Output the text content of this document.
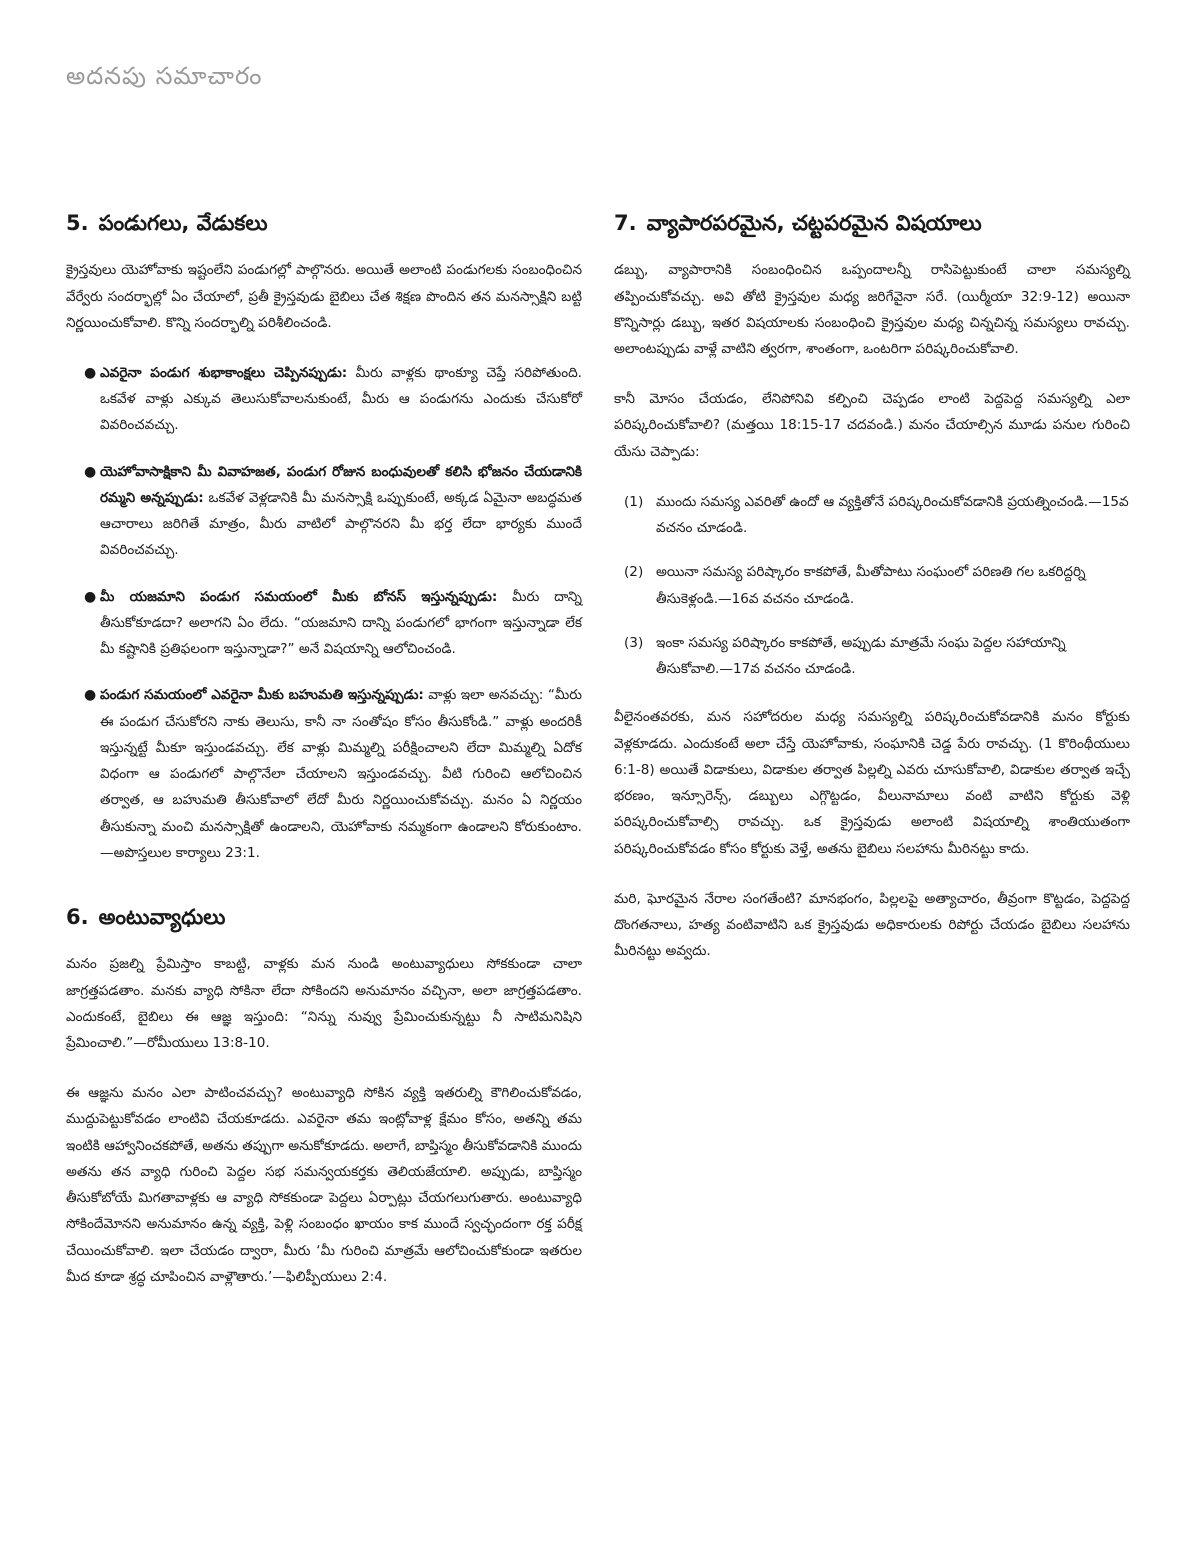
అదనపు సమాచారం
5. పండుగలు, వేడుకలు

క్రైస్తవులు యెహోవాకు ఇష్టంలేని పండుగల్లో పాల్గొనరు. అయితే అలాంటి పండుగలకు సంబంధించిన వేర్వేరు సందర్భాల్లో ఏం చేయాలో, ప్రతీ క్రైస్తవుడు బైబిలు చేత శిక్షణ పొందిన తన మనస్సాక్షిని బట్టి నిర్ణయించుకోవాలి. కొన్ని సందర్భాల్ని పరిశీలించండి.

● ఎవరైనా పండుగ శుభాకాంక్షలు చెప్పినప్పుడు: మీరు వాళ్లకు థాంక్యూ చెప్తే సరిపోతుంది. ఒకవేళ వాళ్లు ఎక్కువ తెలుసుకోవాలనుకుంటే, మీరు ఆ పండుగను ఎందుకు చేసుకోరో వివరించవచ్చు.
● యెహోవాసాక్షికాని మీ వివాహజత, పండుగ రోజున బంధువులతో కలిసి భోజనం చేయడానికి రమ్మని అన్నప్పుడు: ఒకవేళ వెళ్లడానికి మీ మనస్సాక్షి ఒప్పుకుంటే, అక్కడ ఏమైనా అబద్ధమత ఆచారాలు జరిగితే మాత్రం, మీరు వాటిలో పాల్గొనరని మీ భర్త లేదా భార్యకు ముందే వివరించవచ్చు.
● మీ యజమాని పండుగ సమయంలో మీకు బోనస్ ఇస్తున్నప్పుడు: మీరు దాన్ని తీసుకోకూడదా? అలాగని ఏం లేదు. “యజమాని దాన్ని పండుగలో భాగంగా ఇస్తున్నాడా లేక మీ కష్టానికి ప్రతిఫలంగా ఇస్తున్నాడా?” అనే విషయాన్ని ఆలోచించండి.
● పండుగ సమయంలో ఎవరైనా మీకు బహుమతి ఇస్తున్నప్పుడు: వాళ్లు ఇలా అనవచ్చు: “మీరు ఈ పండుగ చేసుకోరని నాకు తెలుసు, కానీ నా సంతోషం కోసం తీసుకోండి.” వాళ్లు అందరికీ ఇస్తున్నట్టే మీకూ ఇస్తుండవచ్చు. లేక వాళ్లు మిమ్మల్ని పరీక్షించాలని లేదా మిమ్మల్ని ఏదోక విధంగా ఆ పండుగలో పాల్గొనేలా చేయాలని ఇస్తుండవచ్చు. వీటి గురించి ఆలోచించిన తర్వాత, ఆ బహుమతి తీసుకోవాలో లేదో మీరు నిర్ణయించుకోవచ్చు. మనం ఏ నిర్ణయం తీసుకున్నా మంచి మనస్సాక్షితో ఉండాలని, యెహోవాకు నమ్మకంగా ఉండాలని కోరుకుంటాం.—అపొస్తలుల కార్యాలు 23:1.
6. అంటువ్యాధులు

మనం ప్రజల్ని ప్రేమిస్తాం కాబట్టి, వాళ్లకు మన నుండి అంటువ్యాధులు సోకకుండా చాలా జాగ్రత్తపడతాం. మనకు వ్యాధి సోకినా లేదా సోకిందని అనుమానం వచ్చినా, అలా జాగ్రత్తపడతాం. ఎందుకంటే, బైబిలు ఈ ఆజ్ఞ ఇస్తుంది: “నిన్ను నువ్వు ప్రేమించుకున్నట్టు నీ సాటిమనిషిని ప్రేమించాలి.”—రోమీయులు 13:8-10.

ఈ ఆజ్ఞను మనం ఎలా పాటించవచ్చు? అంటువ్యాధి సోకిన వ్యక్తి ఇతరుల్ని కౌగిలించుకోవడం, ముద్దుపెట్టుకోవడం లాంటివి చేయకూడదు. ఎవరైనా తమ ఇంట్లోవాళ్ల క్షేమం కోసం, అతన్ని తమ ఇంటికి ఆహ్వానించకపోతే, అతను తప్పుగా అనుకోకూడదు. అలాగే, బాప్తిస్మం తీసుకోవడానికి ముందు అతను తన వ్యాధి గురించి పెద్దల సభ సమన్వయకర్తకు తెలియజేయాలి. అప్పుడు, బాప్తిస్మం తీసుకోబోయే మిగతావాళ్లకు ఆ వ్యాధి సోకకుండా పెద్దలు ఏర్పాట్లు చేయగలుగుతారు. అంటువ్యాధి సోకిందేమోనని అనుమానం ఉన్న వ్యక్తి, పెళ్లి సంబంధం ఖాయం కాక ముందే స్వచ్ఛందంగా రక్త పరీక్ష చేయించుకోవాలి. ఇలా చేయడం ద్వారా, మీరు ‘మీ గురించి మాత్రమే ఆలోచించుకోకుండా ఇతరుల మీద కూడా శ్రద్ధ చూపించిన వాళ్లౌతారు.’—ఫిలిప్పీయులు 2:4.

7. వ్యాపారపరమైన, చట్టపరమైన విషయాలు

డబ్బు, వ్యాపారానికి సంబంధించిన ఒప్పందాలన్నీ రాసిపెట్టుకుంటే చాలా సమస్యల్ని తప్పించుకోవచ్చు. అవి తోటి క్రైస్తవుల మధ్య జరిగేవైనా సరే. (యిర్మీయా 32:9-12) అయినా కొన్నిసార్లు డబ్బు, ఇతర విషయాలకు సంబంధించి క్రైస్తవుల మధ్య చిన్నచిన్న సమస్యలు రావచ్చు. అలాంటప్పుడు వాళ్లే వాటిని త్వరగా, శాంతంగా, ఒంటరిగా పరిష్కరించుకోవాలి.

కానీ మోసం చేయడం, లేనిపోనివి కల్పించి చెప్పడం లాంటి పెద్దపెద్ద సమస్యల్ని ఎలా పరిష్కరించుకోవాలి? (మత్తయి 18:15-17 చదవండి.) మనం చేయాల్సిన మూడు పనుల గురించి యేసు చెప్పాడు:

(1) ముందు సమస్య ఎవరితో ఉందో ఆ వ్యక్తితోనే పరిష్కరించుకోవడానికి ప్రయత్నించండి.—15వ వచనం చూడండి.
(2) అయినా సమస్య పరిష్కారం కాకపోతే, మీతోపాటు సంఘంలో పరిణతి గల ఒకరిద్దర్ని తీసుకెళ్లండి.—16వ వచనం చూడండి.
(3) ఇంకా సమస్య పరిష్కారం కాకపోతే, అప్పుడు మాత్రమే సంఘ పెద్దల సహాయాన్ని తీసుకోవాలి.—17వ వచనం చూడండి.

వీలైనంతవరకు, మన సహోదరుల మధ్య సమస్యల్ని పరిష్కరించుకోవడానికి మనం కోర్టుకు వెళ్లకూడదు. ఎందుకంటే అలా చేస్తే యెహోవాకు, సంఘానికి చెడ్డ పేరు రావచ్చు. (1 కొరింథీయులు 6:1-8) అయితే విడాకులు, విడాకుల తర్వాత పిల్లల్ని ఎవరు చూసుకోవాలి, విడాకుల తర్వాత ఇచ్చే భరణం, ఇన్సూరెన్స్, డబ్బులు ఎగ్గొట్టడం, వీలునామాలు వంటి వాటిని కోర్టుకు వెళ్లి పరిష్కరించుకోవాల్సి రావచ్చు. ఒక క్రైస్తవుడు అలాంటి విషయాల్ని శాంతియుతంగా పరిష్కరించుకోవడం కోసం కోర్టుకు వెళ్తే, అతను బైబిలు సలహాను మీరినట్టు కాదు.

మరి, ఘోరమైన నేరాల సంగతేంటి? మానభంగం, పిల్లలపై అత్యాచారం, తీవ్రంగా కొట్టడం, పెద్దపెద్ద దొంగతనాలు, హత్య వంటివాటిని ఒక క్రైస్తవుడు అధికారులకు రిపోర్టు చేయడం బైబిలు సలహాను మీరినట్టు అవ్వదు.
